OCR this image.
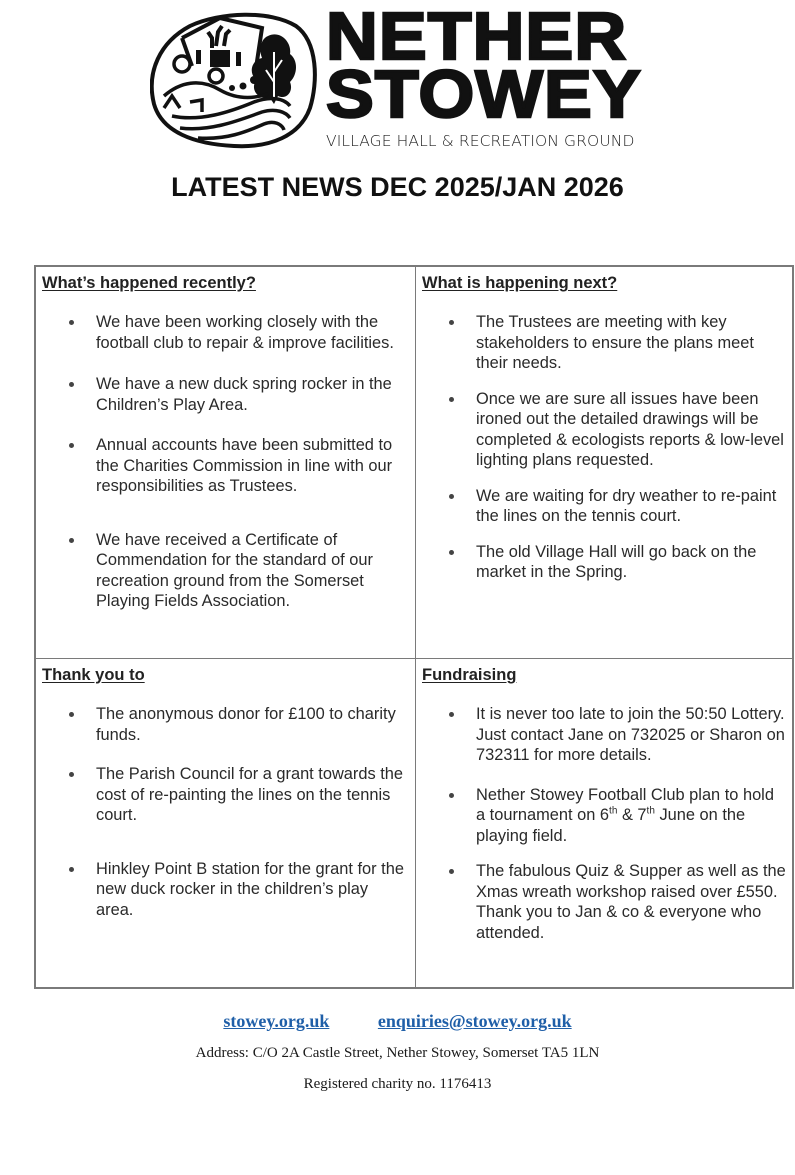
NETHER
STOWEY
VILLAGE HALL & RECREATION GROUND
LATEST NEWS DEC 2025/JAN 2026
What’s happened recently?
We have been working closely with the football club to repair & improve facilities.
We have a new duck spring rocker in the Children’s Play Area.
Annual accounts have been submitted to the Charities Commission in line with our responsibilities as Trustees.
We have received a Certificate of Commendation for the standard of our recreation ground from the Somerset Playing Fields Association.
What is happening next?
The Trustees are meeting with key stakeholders to ensure the plans meet their needs.
Once we are sure all issues have been ironed out the detailed drawings will be completed & ecologists reports & low-level lighting plans requested.
We are waiting for dry weather to re-paint the lines on the tennis court.
The old Village Hall will go back on the market in the Spring.
Thank you to
The anonymous donor for £100 to charity funds.
The Parish Council for a grant towards the cost of re-painting the lines on the tennis court.
Hinkley Point B station for the grant for the new duck rocker in the children’s play area.
Fundraising
It is never too late to join the 50:50 Lottery. Just contact Jane on 732025 or Sharon on 732311 for more details.
Nether Stowey Football Club plan to hold a tournament on 6th & 7th June on the playing field.
The fabulous Quiz & Supper as well as the Xmas wreath workshop raised over £550. Thank you to Jan & co & everyone who attended.
stowey.org.uk	enquiries@stowey.org.uk
Address: C/O 2A Castle Street, Nether Stowey, Somerset TA5 1LN
Registered charity no. 1176413
